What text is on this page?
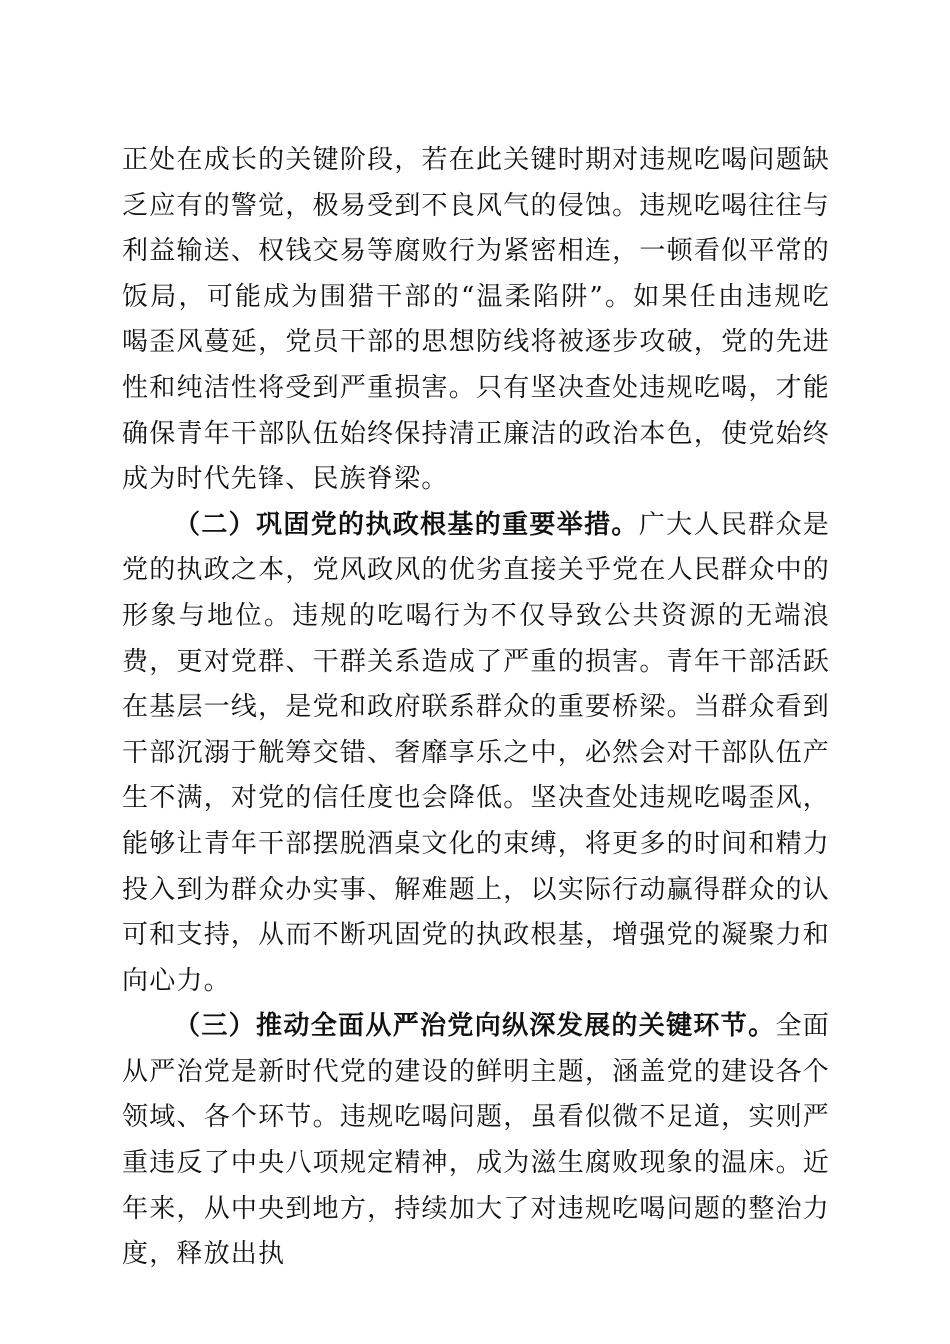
正处在成长的关键阶段，若在此关键时期对违规吃喝问题缺乏应有的警觉，极易受到不良风气的侵蚀。违规吃喝往往与利益输送、权钱交易等腐败行为紧密相连，一顿看似平常的饭局，可能成为围猎干部的“温柔陷阱”。如果任由违规吃喝歪风蔓延，党员干部的思想防线将被逐步攻破，党的先进性和纯洁性将受到严重损害。只有坚决查处违规吃喝，才能确保青年干部队伍始终保持清正廉洁的政治本色，使党始终成为时代先锋、民族脊梁。

（二）巩固党的执政根基的重要举措。广大人民群众是党的执政之本，党风政风的优劣直接关乎党在人民群众中的形象与地位。违规的吃喝行为不仅导致公共资源的无端浪费，更对党群、干群关系造成了严重的损害。青年干部活跃在基层一线，是党和政府联系群众的重要桥梁。当群众看到干部沉溺于觥筹交错、奢靡享乐之中，必然会对干部队伍产生不满，对党的信任度也会降低。坚决查处违规吃喝歪风，能够让青年干部摆脱酒桌文化的束缚，将更多的时间和精力投入到为群众办实事、解难题上，以实际行动赢得群众的认可和支持，从而不断巩固党的执政根基，增强党的凝聚力和向心力。

（三）推动全面从严治党向纵深发展的关键环节。全面从严治党是新时代党的建设的鲜明主题，涵盖党的建设各个领域、各个环节。违规吃喝问题，虽看似微不足道，实则严重违反了中央八项规定精神，成为滋生腐败现象的温床。近年来，从中央到地方，持续加大了对违规吃喝问题的整治力度，释放出执
